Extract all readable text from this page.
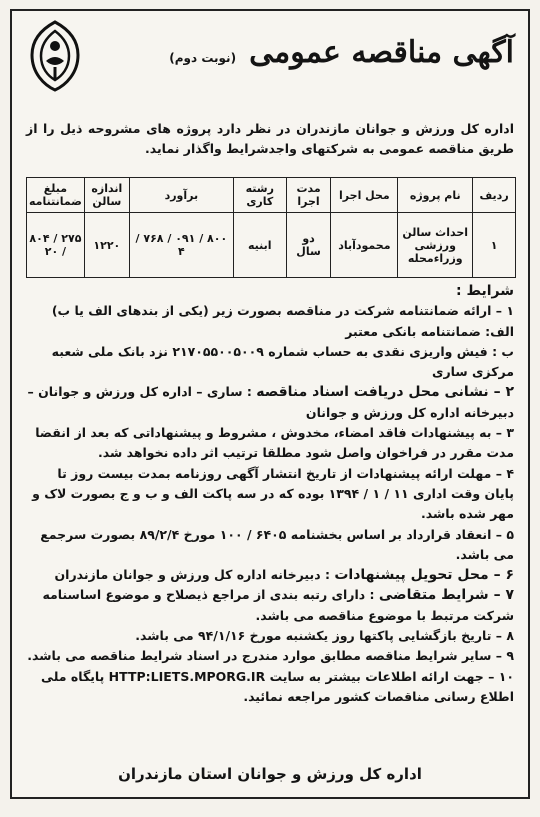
آگهی مناقصه عمومی (نوبت دوم)
اداره کل ورزش و جوانان مازندران در نظر دارد پروژه های مشروحه ذیل را از طریق مناقصه عمومی به شرکتهای واجدشرایط واگذار نماید.
ردیف	نام پروژه	محل اجرا	مدت اجرا	رشته کاری	برآورد	اندازه سالن	مبلغ ضمانتنامه
۱	احداث سالن ورزشی وزراءمحله	محمودآباد	دو سال	ابنیه	۸۰۰ / ۰۹۱ / ۷۶۸ / ۴	۱۲۲۰	۲۷۵ / ۸۰۴ / ۲۰

شرایط :

۱ – ارائه ضمانتنامه شرکت در مناقصه بصورت زیر (یکی از بندهای الف یا ب)

الف: ضمانتنامه بانکی معتبر

ب : فیش واریزی نقدی به حساب شماره ۲۱۷۰۵۵۰۰۵۰۰۹ نزد بانک ملی شعبه مرکزی ساری

۲ – نشانی محل دریافت اسناد مناقصه : ساری – اداره کل ورزش و جوانان – دبیرخانه اداره کل ورزش و جوانان

۳ – به پیشنهادات فاقد امضاء، مخدوش ، مشروط و پیشنهاداتی که بعد از انقضا مدت مقرر در فراخوان واصل شود مطلقا ترتیب اثر داده نخواهد شد.

۴ – مهلت ارائه پیشنهادات از تاریخ انتشار آگهی روزنامه بمدت بیست روز تا پایان وقت اداری ۱۱ / ۱ / ۱۳۹۴ بوده که در سه پاکت الف و ب و ج بصورت لاک و مهر شده باشد.

۵ – انعقاد قرارداد بر اساس بخشنامه ۶۴۰۵ / ۱۰۰ مورخ ۸۹/۲/۴ بصورت سرجمع می باشد.

۶ – محل تحویل پیشنهادات : دبیرخانه اداره کل ورزش و جوانان مازندران

۷ – شرایط متقاضی : دارای رتبه بندی از مراجع ذیصلاح و موضوع اساسنامه شرکت مرتبط با موضوع مناقصه می باشد.

۸ – تاریخ بازگشایی پاکتها روز یکشنبه مورخ ۹۴/۱/۱۶ می باشد.

۹ – سایر شرایط مناقصه مطابق موارد مندرج در اسناد شرایط مناقصه می باشد.

۱۰ – جهت ارائه اطلاعات بیشتر به سایت HTTP:LIETS.MPORG.IR پایگاه ملی اطلاع رسانی مناقصات کشور مراجعه نمائید.

اداره کل ورزش و جوانان استان مازندران
